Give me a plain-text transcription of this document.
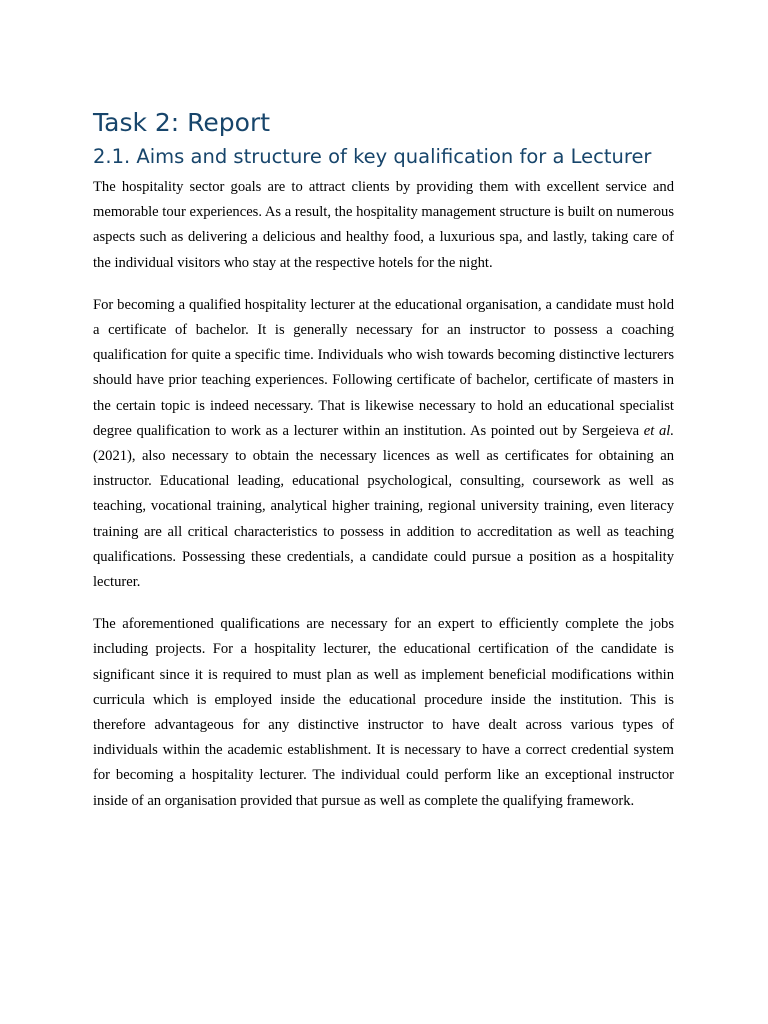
Task 2: Report
2.1. Aims and structure of key qualification for a Lecturer

The hospitality sector goals are to attract clients by providing them with excellent service and memorable tour experiences. As a result, the hospitality management structure is built on numerous aspects such as delivering a delicious and healthy food, a luxurious spa, and lastly, taking care of the individual visitors who stay at the respective hotels for the night.

For becoming a qualified hospitality lecturer at the educational organisation, a candidate must hold a certificate of bachelor. It is generally necessary for an instructor to possess a coaching qualification for quite a specific time. Individuals who wish towards becoming distinctive lecturers should have prior teaching experiences. Following certificate of bachelor, certificate of masters in the certain topic is indeed necessary. That is likewise necessary to hold an educational specialist degree qualification to work as a lecturer within an institution. As pointed out by Sergeieva et al. (2021), also necessary to obtain the necessary licences as well as certificates for obtaining an instructor. Educational leading, educational psychological, consulting, coursework as well as teaching, vocational training, analytical higher training, regional university training, even literacy training are all critical characteristics to possess in addition to accreditation as well as teaching qualifications. Possessing these credentials, a candidate could pursue a position as a hospitality lecturer.

The aforementioned qualifications are necessary for an expert to efficiently complete the jobs including projects. For a hospitality lecturer, the educational certification of the candidate is significant since it is required to must plan as well as implement beneficial modifications within curricula which is employed inside the educational procedure inside the institution. This is therefore advantageous for any distinctive instructor to have dealt across various types of individuals within the academic establishment. It is necessary to have a correct credential system for becoming a hospitality lecturer. The individual could perform like an exceptional instructor inside of an organisation provided that pursue as well as complete the qualifying framework.
